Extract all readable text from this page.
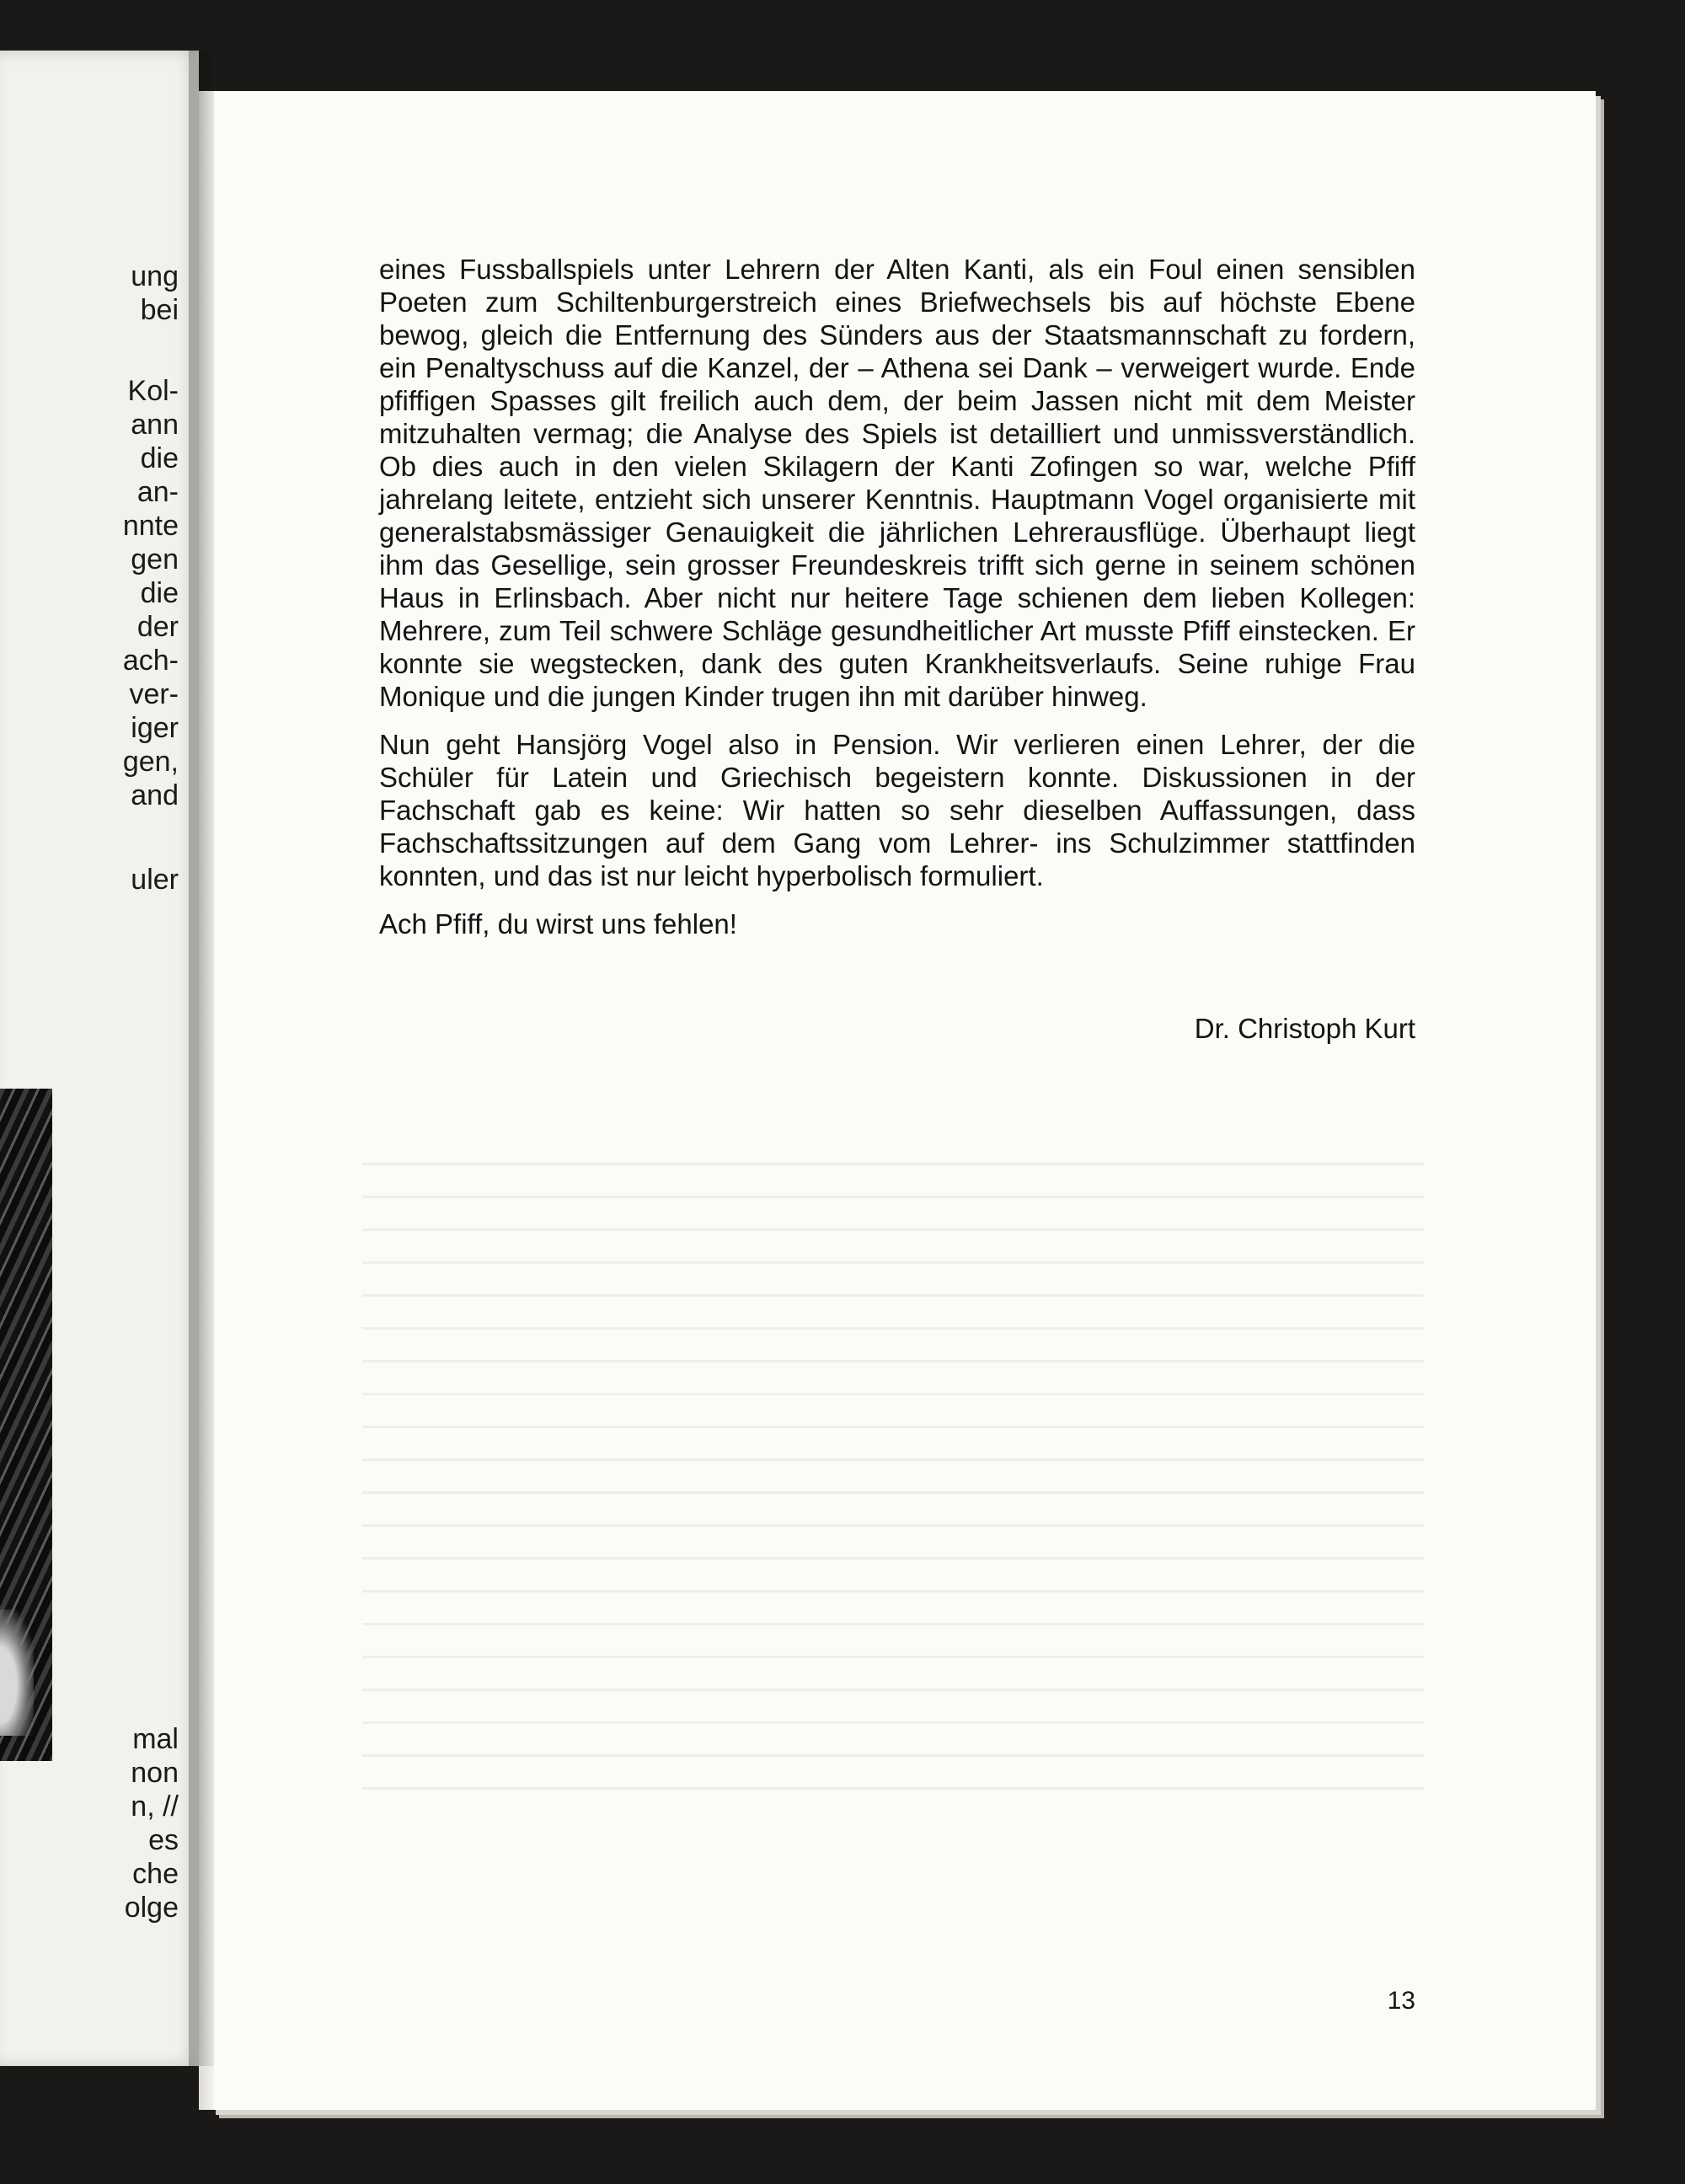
ung
bei
Kol-
ann
die
an-
nnte
gen
die
der
ach-
ver-
iger
gen,
and
uler
mal
non
n, //
es
che
olge

eines Fussballspiels unter Lehrern der Alten Kanti, als ein Foul einen sensiblen Poeten zum Schiltenburgerstreich eines Briefwechsels bis auf höchste Ebene bewog, gleich die Entfernung des Sünders aus der Staatsmannschaft zu fordern, ein Penaltyschuss auf die Kanzel, der – Athena sei Dank – verweigert wurde. Ende pfiffigen Spasses gilt freilich auch dem, der beim Jassen nicht mit dem Meister mitzuhalten vermag; die Analyse des Spiels ist detailliert und unmissverständlich. Ob dies auch in den vielen Skilagern der Kanti Zofingen so war, welche Pfiff jahrelang leitete, entzieht sich unserer Kenntnis. Hauptmann Vogel organisierte mit generalstabsmässiger Genauigkeit die jährlichen Lehrerausflüge. Überhaupt liegt ihm das Gesellige, sein grosser Freundeskreis trifft sich gerne in seinem schönen Haus in Erlinsbach. Aber nicht nur heitere Tage schienen dem lieben Kollegen: Mehrere, zum Teil schwere Schläge gesundheitlicher Art musste Pfiff einstecken. Er konnte sie wegstecken, dank des guten Krankheitsverlaufs. Seine ruhige Frau Monique und die jungen Kinder trugen ihn mit darüber hinweg.

Nun geht Hansjörg Vogel also in Pension. Wir verlieren einen Lehrer, der die Schüler für Latein und Griechisch begeistern konnte. Diskussionen in der Fachschaft gab es keine: Wir hatten so sehr dieselben Auffassungen, dass Fachschaftssitzungen auf dem Gang vom Lehrer- ins Schulzimmer stattfinden konnten, und das ist nur leicht hyperbolisch formuliert.

Ach Pfiff, du wirst uns fehlen!

Dr. Christoph Kurt
13
